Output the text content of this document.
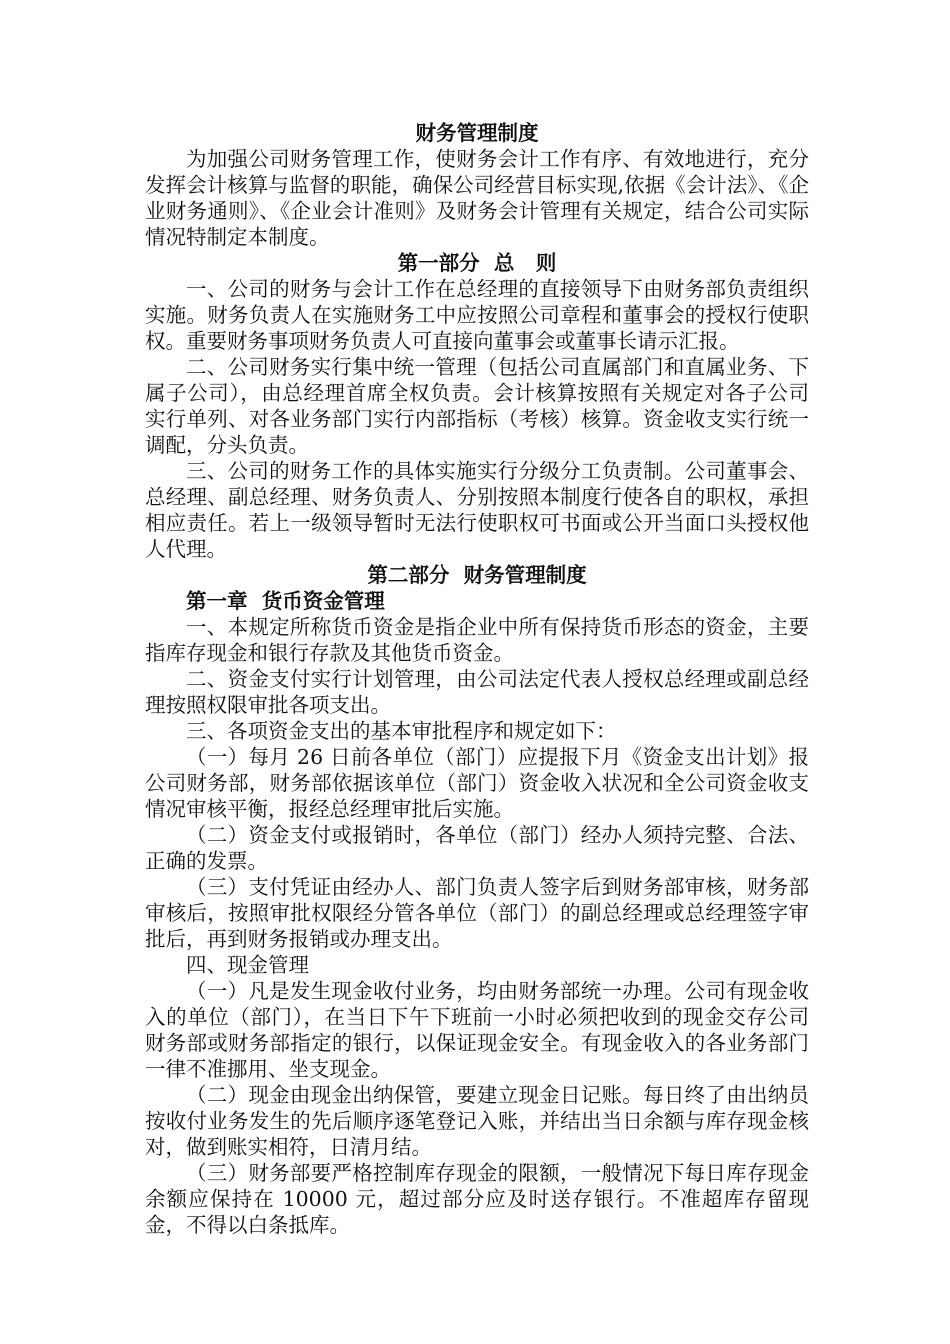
财务管理制度

为加强公司财务管理工作，使财务会计工作有序、有效地进行，充分发挥会计核算与监督的职能，确保公司经营目标实现,依据《会计法》、《企业财务通则》、《企业会计准则》及财务会计管理有关规定，结合公司实际情况特制定本制度。

第一部分  总   则

一、公司的财务与会计工作在总经理的直接领导下由财务部负责组织实施。财务负责人在实施财务工中应按照公司章程和董事会的授权行使职权。重要财务事项财务负责人可直接向董事会或董事长请示汇报。

二、公司财务实行集中统一管理（包括公司直属部门和直属业务、下属子公司），由总经理首席全权负责。会计核算按照有关规定对各子公司实行单列、对各业务部门实行内部指标（考核）核算。资金收支实行统一调配，分头负责。

三、公司的财务工作的具体实施实行分级分工负责制。公司董事会、总经理、副总经理、财务负责人、分别按照本制度行使各自的职权，承担相应责任。若上一级领导暂时无法行使职权可书面或公开当面口头授权他人代理。

第二部分  财务管理制度
第一章  货币资金管理

一、本规定所称货币资金是指企业中所有保持货币形态的资金，主要指库存现金和银行存款及其他货币资金。

二、资金支付实行计划管理，由公司法定代表人授权总经理或副总经理按照权限审批各项支出。

三、各项资金支出的基本审批程序和规定如下：

（一）每月 26 日前各单位（部门）应提报下月《资金支出计划》报公司财务部，财务部依据该单位（部门）资金收入状况和全公司资金收支情况审核平衡，报经总经理审批后实施。

（二）资金支付或报销时，各单位（部门）经办人须持完整、合法、正确的发票。

（三）支付凭证由经办人、部门负责人签字后到财务部审核，财务部审核后，按照审批权限经分管各单位（部门）的副总经理或总经理签字审批后，再到财务报销或办理支出。

四、现金管理

（一）凡是发生现金收付业务，均由财务部统一办理。公司有现金收入的单位（部门），在当日下午下班前一小时必须把收到的现金交存公司财务部或财务部指定的银行，以保证现金安全。有现金收入的各业务部门一律不准挪用、坐支现金。

（二）现金由现金出纳保管，要建立现金日记账。每日终了由出纳员按收付业务发生的先后顺序逐笔登记入账，并结出当日余额与库存现金核对，做到账实相符，日清月结。

（三）财务部要严格控制库存现金的限额，一般情况下每日库存现金余额应保持在 10000 元，超过部分应及时送存银行。不准超库存留现金，不得以白条抵库。
